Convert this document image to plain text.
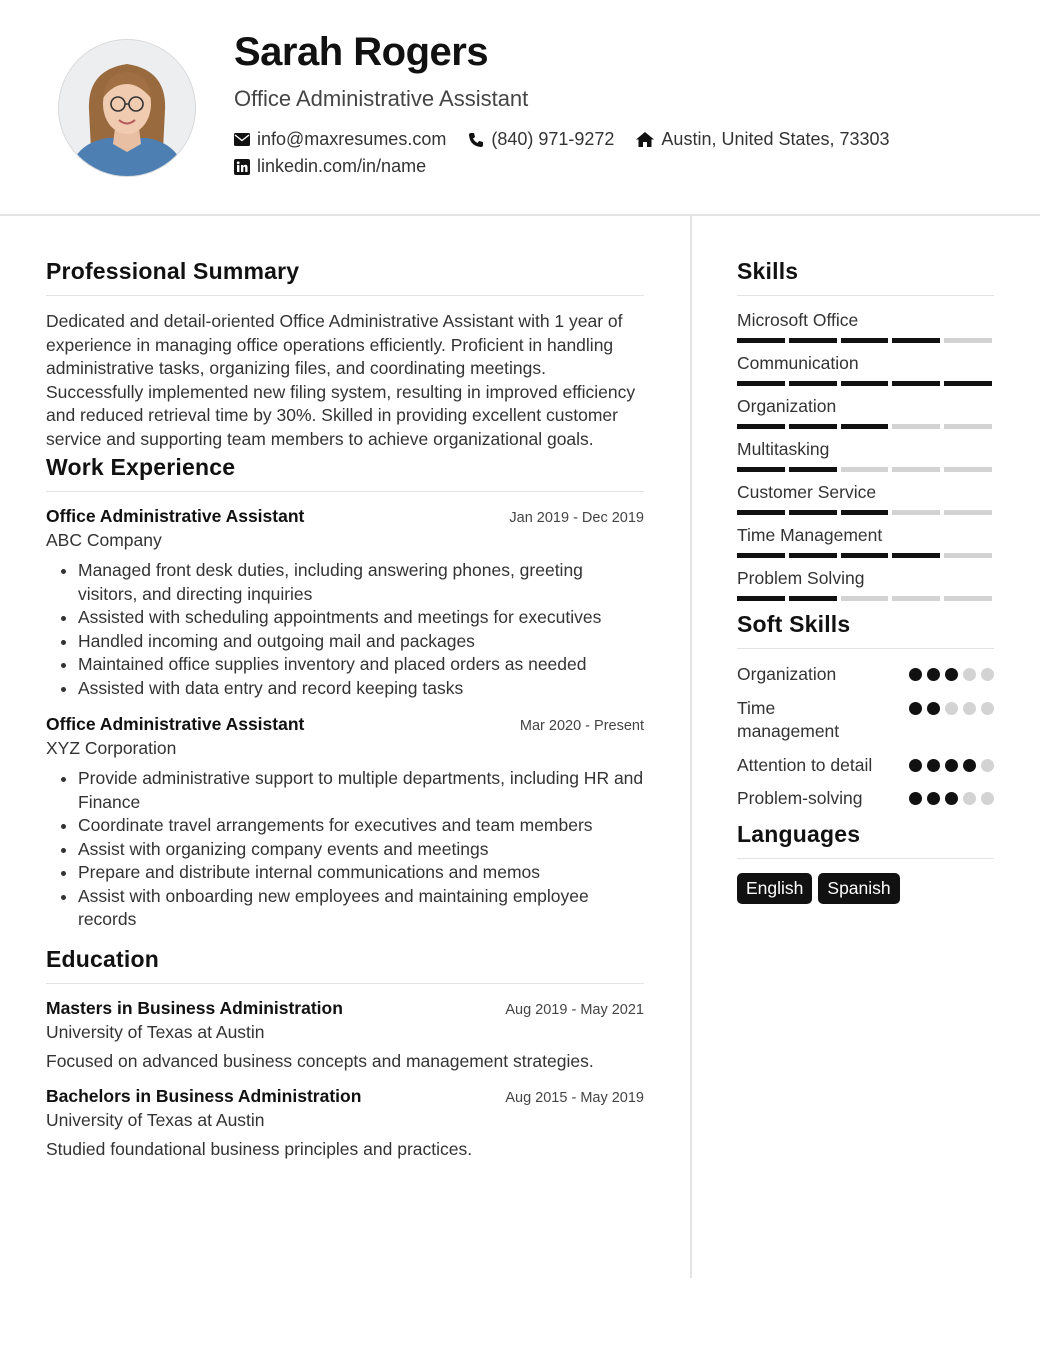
Sarah Rogers
Office Administrative Assistant
info@maxresumes.com	(840) 971-9272	Austin, United States, 73303
linkedin.com/in/name
Professional Summary

Dedicated and detail-oriented Office Administrative Assistant with 1 year of experience in managing office operations efficiently. Proficient in handling administrative tasks, organizing files, and coordinating meetings. Successfully implemented new filing system, resulting in improved efficiency and reduced retrieval time by 30%. Skilled in providing excellent customer service and supporting team members to achieve organizational goals.

Work Experience
Office Administrative Assistant	Jan 2019 - Dec 2019
ABC Company
• Managed front desk duties, including answering phones, greeting visitors, and directing inquiries
• Assisted with scheduling appointments and meetings for executives
• Handled incoming and outgoing mail and packages
• Maintained office supplies inventory and placed orders as needed
• Assisted with data entry and record keeping tasks
Office Administrative Assistant	Mar 2020 - Present
XYZ Corporation
• Provide administrative support to multiple departments, including HR and Finance
• Coordinate travel arrangements for executives and team members
• Assist with organizing company events and meetings
• Prepare and distribute internal communications and memos
• Assist with onboarding new employees and maintaining employee records
Education
Masters in Business Administration	Aug 2019 - May 2021
University of Texas at Austin
Focused on advanced business concepts and management strategies.
Bachelors in Business Administration	Aug 2015 - May 2019
University of Texas at Austin
Studied foundational business principles and practices.
Skills
Microsoft Office
Communication
Organization
Multitasking
Customer Service
Time Management
Problem Solving
Soft Skills
Organization
Time management
Attention to detail
Problem-solving
Languages
English	Spanish
